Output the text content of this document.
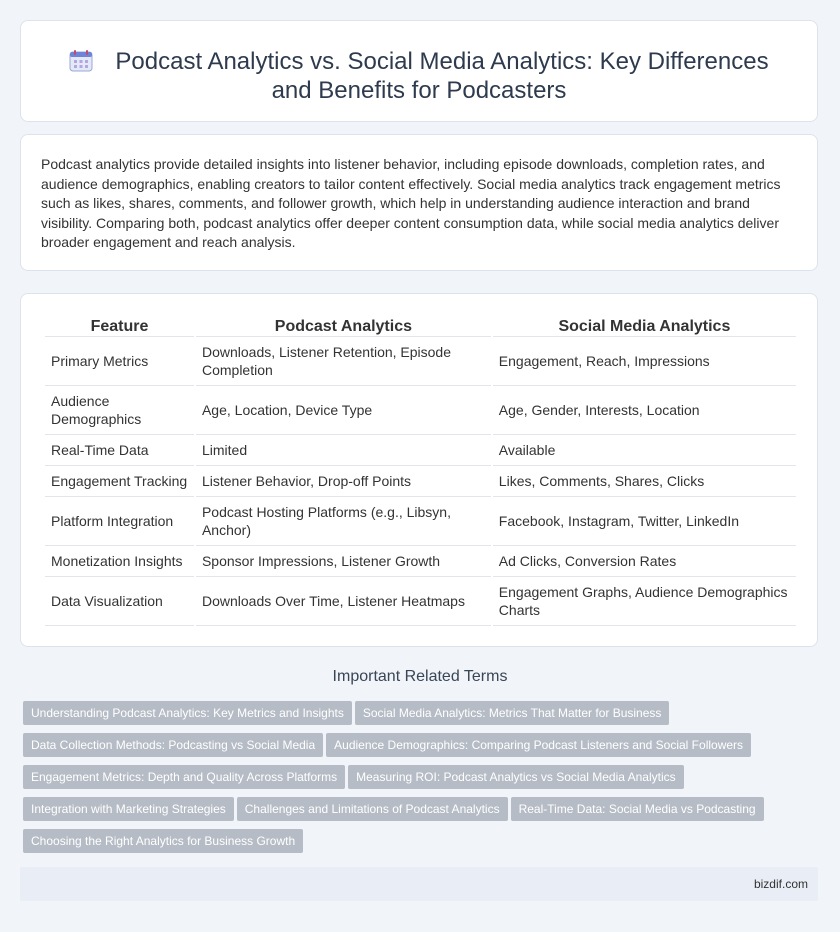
Podcast Analytics vs. Social Media Analytics: Key Differences and Benefits for Podcasters

Podcast analytics provide detailed insights into listener behavior, including episode downloads, completion rates, and audience demographics, enabling creators to tailor content effectively. Social media analytics track engagement metrics such as likes, shares, comments, and follower growth, which help in understanding audience interaction and brand visibility. Comparing both, podcast analytics offer deeper content consumption data, while social media analytics deliver broader engagement and reach analysis.

Feature	Podcast Analytics	Social Media Analytics
Primary Metrics	Downloads, Listener Retention, Episode Completion	Engagement, Reach, Impressions
Audience Demographics	Age, Location, Device Type	Age, Gender, Interests, Location
Real-Time Data	Limited	Available
Engagement Tracking	Listener Behavior, Drop-off Points	Likes, Comments, Shares, Clicks
Platform Integration	Podcast Hosting Platforms (e.g., Libsyn, Anchor)	Facebook, Instagram, Twitter, LinkedIn
Monetization Insights	Sponsor Impressions, Listener Growth	Ad Clicks, Conversion Rates
Data Visualization	Downloads Over Time, Listener Heatmaps	Engagement Graphs, Audience Demographics Charts
Important Related Terms
Understanding Podcast Analytics: Key Metrics and Insights Social Media Analytics: Metrics That Matter for Business
Data Collection Methods: Podcasting vs Social Media Audience Demographics: Comparing Podcast Listeners and Social Followers
Engagement Metrics: Depth and Quality Across Platforms Measuring ROI: Podcast Analytics vs Social Media Analytics
Integration with Marketing Strategies Challenges and Limitations of Podcast Analytics Real-Time Data: Social Media vs Podcasting
Choosing the Right Analytics for Business Growth
bizdif.com
